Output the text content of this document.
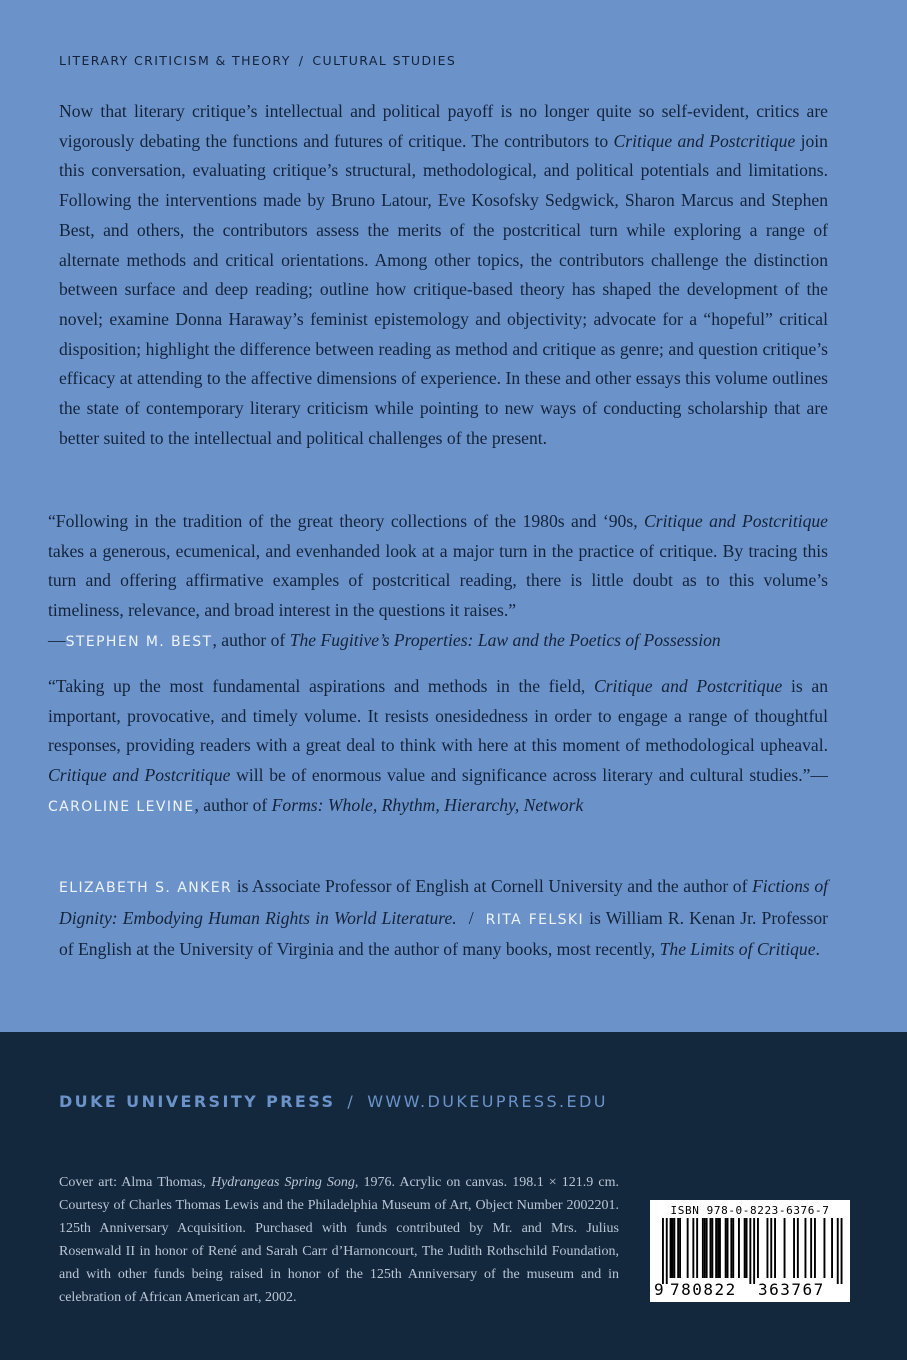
LITERARY CRITICISM & THEORY / CULTURAL STUDIES

Now that literary critique’s intellectual and political payoff is no longer quite so self-evident, critics are vigorously debating the functions and futures of critique. The contributors to Critique and Postcritique join this conversation, evaluating critique’s structural, methodological, and political potentials and limitations. Following the interventions made by Bruno Latour, Eve Kosofsky Sedgwick, Sharon Marcus and Stephen Best, and others, the contributors assess the merits of the postcritical turn while exploring a range of alternate methods and critical orientations. Among other topics, the contributors challenge the distinction between surface and deep reading; outline how critique-based theory has shaped the development of the novel; examine Donna Haraway’s feminist epistemology and objectivity; advocate for a “hopeful” critical disposition; highlight the difference between reading as method and critique as genre; and question critique’s efficacy at attending to the affective dimensions of experience. In these and other essays this volume outlines the state of contemporary literary criticism while pointing to new ways of conducting scholarship that are better suited to the intellectual and political challenges of the present.

“Following in the tradition of the great theory collections of the 1980s and ‘90s, Critique and Postcritique takes a generous, ecumenical, and evenhanded look at a major turn in the practice of critique. By tracing this turn and offering affirmative examples of postcritical reading, there is little doubt as to this volume’s timeliness, relevance, and broad interest in the questions it raises.”
—STEPHEN M. BEST, author of The Fugitive’s Properties: Law and the Poetics of Possession

“Taking up the most fundamental aspirations and methods in the field, Critique and Postcritique is an important, provocative, and timely volume. It resists onesidedness in order to engage a range of thoughtful responses, providing readers with a great deal to think with here at this moment of methodological upheaval. Critique and Postcritique will be of enormous value and significance across literary and cultural studies.”—CAROLINE LEVINE, author of Forms: Whole, Rhythm, Hierarchy, Network

ELIZABETH S. ANKER is Associate Professor of English at Cornell University and the author of Fictions of Dignity: Embodying Human Rights in World Literature. / RITA FELSKI is William R. Kenan Jr. Professor of English at the University of Virginia and the author of many books, most recently, The Limits of Critique.

DUKE UNIVERSITY PRESS / WWW.DUKEUPRESS.EDU

Cover art: Alma Thomas, Hydrangeas Spring Song, 1976. Acrylic on canvas. 198.1 × 121.9 cm. Courtesy of Charles Thomas Lewis and the Philadelphia Museum of Art, Object Number 2002201. 125th Anniversary Acquisition. Purchased with funds contributed by Mr. and Mrs. Julius Rosenwald II in honor of René and Sarah Carr d’Harnoncourt, The Judith Rothschild Foundation, and with other funds being raised in honor of the 125th Anniversary of the museum and in celebration of African American art, 2002.

ISBN 978-0-8223-6376-7
9 780822 363767
